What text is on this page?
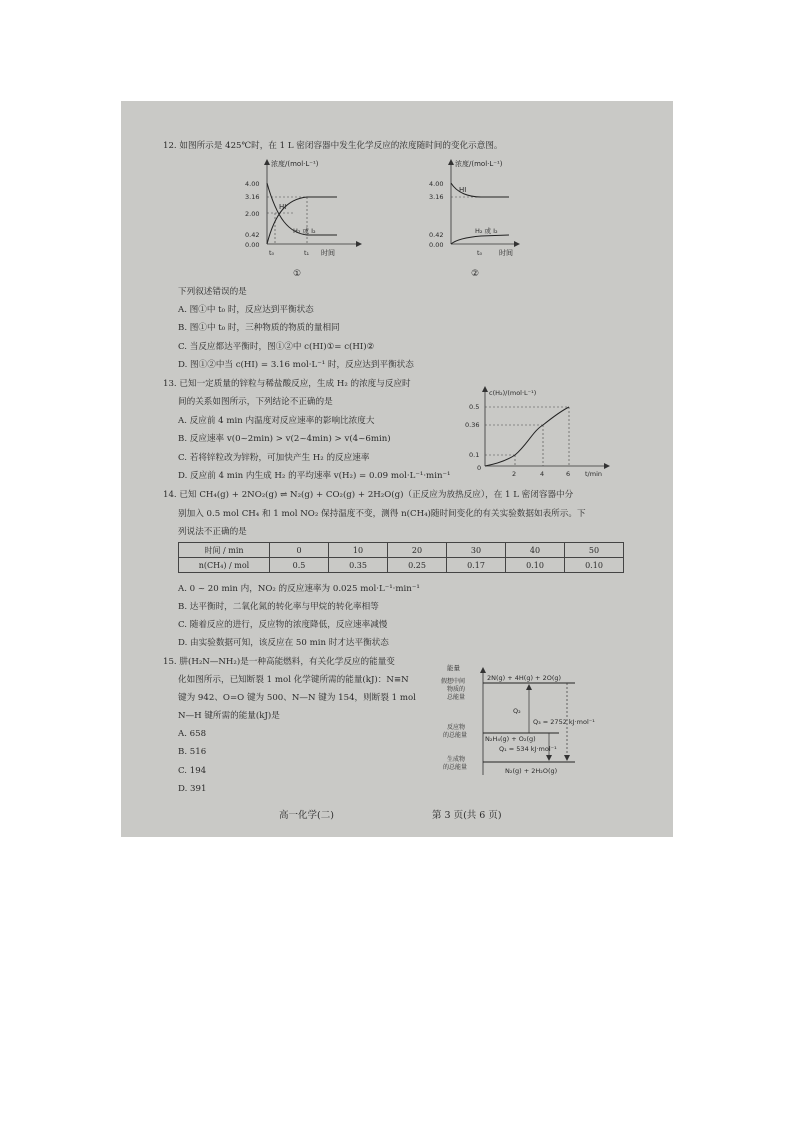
12. 如图所示是 425℃时，在 1 L 密闭容器中发生化学反应的浓度随时间的变化示意图。
浓度/(mol·L⁻¹)
4.00
3.16
2.00
0.42
0.00
HI
H₂ 或 I₂
t₀	t₁ 时间
①
浓度/(mol·L⁻¹)
4.00
3.16
0.42
0.00
HI
H₂ 或 I₂
t₀ 时间
②
下列叙述错误的是
A. 图①中 t₀ 时，反应达到平衡状态
B. 图①中 t₀ 时，三种物质的物质的量相同
C. 当反应都达平衡时，图①②中 c(HI)①= c(HI)②
D. 图①②中当 c(HI) = 3.16 mol·L⁻¹ 时，反应达到平衡状态
13. 已知一定质量的锌粒与稀盐酸反应，生成 H₂ 的浓度与反应时
间的关系如图所示，下列结论不正确的是
A. 反应前 4 min 内温度对反应速率的影响比浓度大
B. 反应速率 v(0~2min) > v(2~4min) > v(4~6min)
C. 若将锌粒改为锌粉，可加快产生 H₂ 的反应速率
D. 反应前 4 min 内生成 H₂ 的平均速率 v(H₂) = 0.09 mol·L⁻¹·min⁻¹
c(H₂)/(mol·L⁻¹)
0.5
0.36
0.1
0
2	4	6 t/min
14. 已知 CH₄(g) + 2NO₂(g) ⇌ N₂(g) + CO₂(g) + 2H₂O(g)（正反应为放热反应），在 1 L 密闭容器中分
别加入 0.5 mol CH₄ 和 1 mol NO₂ 保持温度不变，测得 n(CH₄)随时间变化的有关实验数据如表所示。下
列说法不正确的是
时间 / min	0	10	20	30	40	50
n(CH₄) / mol	0.5	0.35	0.25	0.17	0.10	0.10
A. 0 ~ 20 min 内，NO₂ 的反应速率为 0.025 mol·L⁻¹·min⁻¹
B. 达平衡时，二氧化氮的转化率与甲烷的转化率相等
C. 随着反应的进行，反应物的浓度降低，反应速率减慢
D. 由实验数据可知，该反应在 50 min 时才达平衡状态
15. 肼(H₂N—NH₂)是一种高能燃料，有关化学反应的能量变
化如图所示，已知断裂 1 mol 化学键所需的能量(kJ)：N≡N
键为 942、O=O 键为 500、N—N 键为 154，则断裂 1 mol
N—H 键所需的能量(kJ)是
A. 658
B. 516
C. 194
D. 391
能量
假想中间
物质的
总能量
2N(g) + 4H(g) + 2O(g)
反应物
的总能量	N₂H₄(g) + O₂(g)
生成物
的总能量	N₂(g) + 2H₂O(g)
Q₂
Q₃ = 2752 kJ·mol⁻¹
Q₁ = 534 kJ·mol⁻¹
高一化学(二)	第 3 页(共 6 页)
